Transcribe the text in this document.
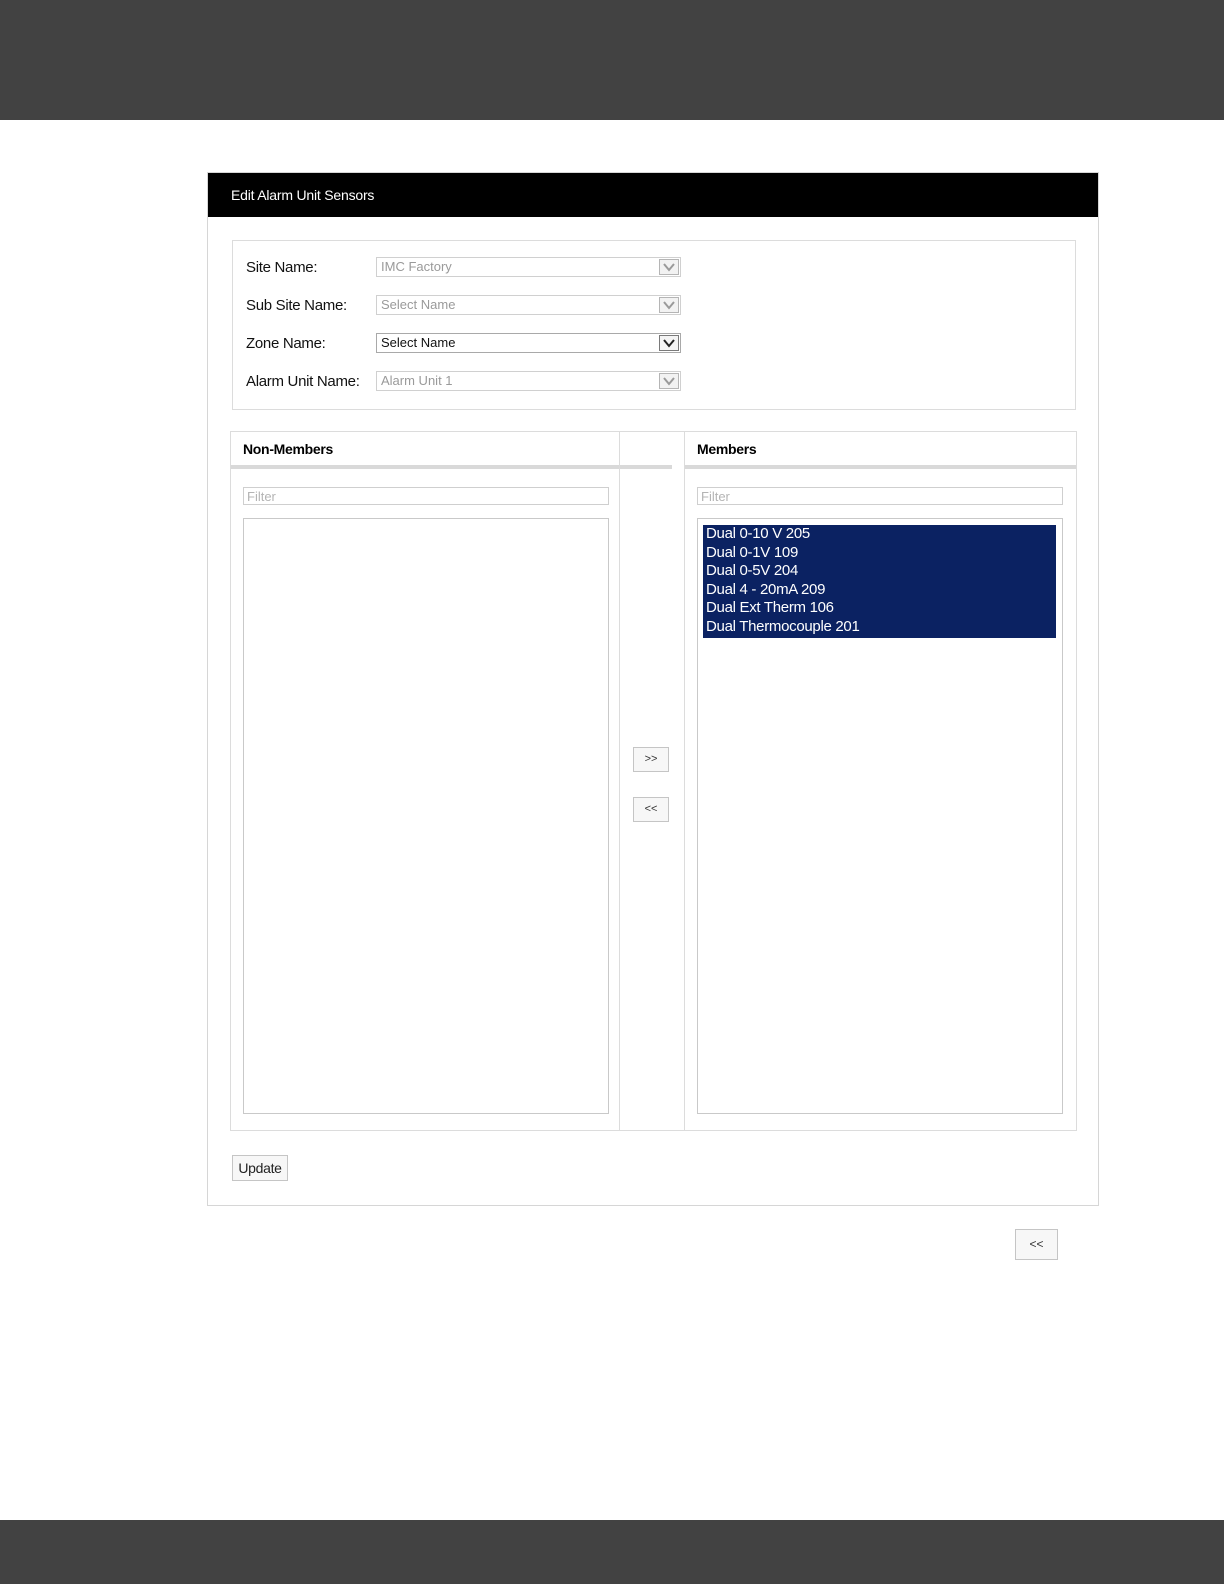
Edit Alarm Unit Sensors
Site Name:	IMC Factory
Sub Site Name:	Select Name
Zone Name:	Select Name
Alarm Unit Name: Alarm Unit 1
Non-Members	Members
Filter
>>
<<
Filter
Dual 0-10 V 205
Dual 0-1V 109
Dual 0-5V 204
Dual 4 - 20mA 209
Dual Ext Therm 106
Dual Thermocouple 201
Update
<<
